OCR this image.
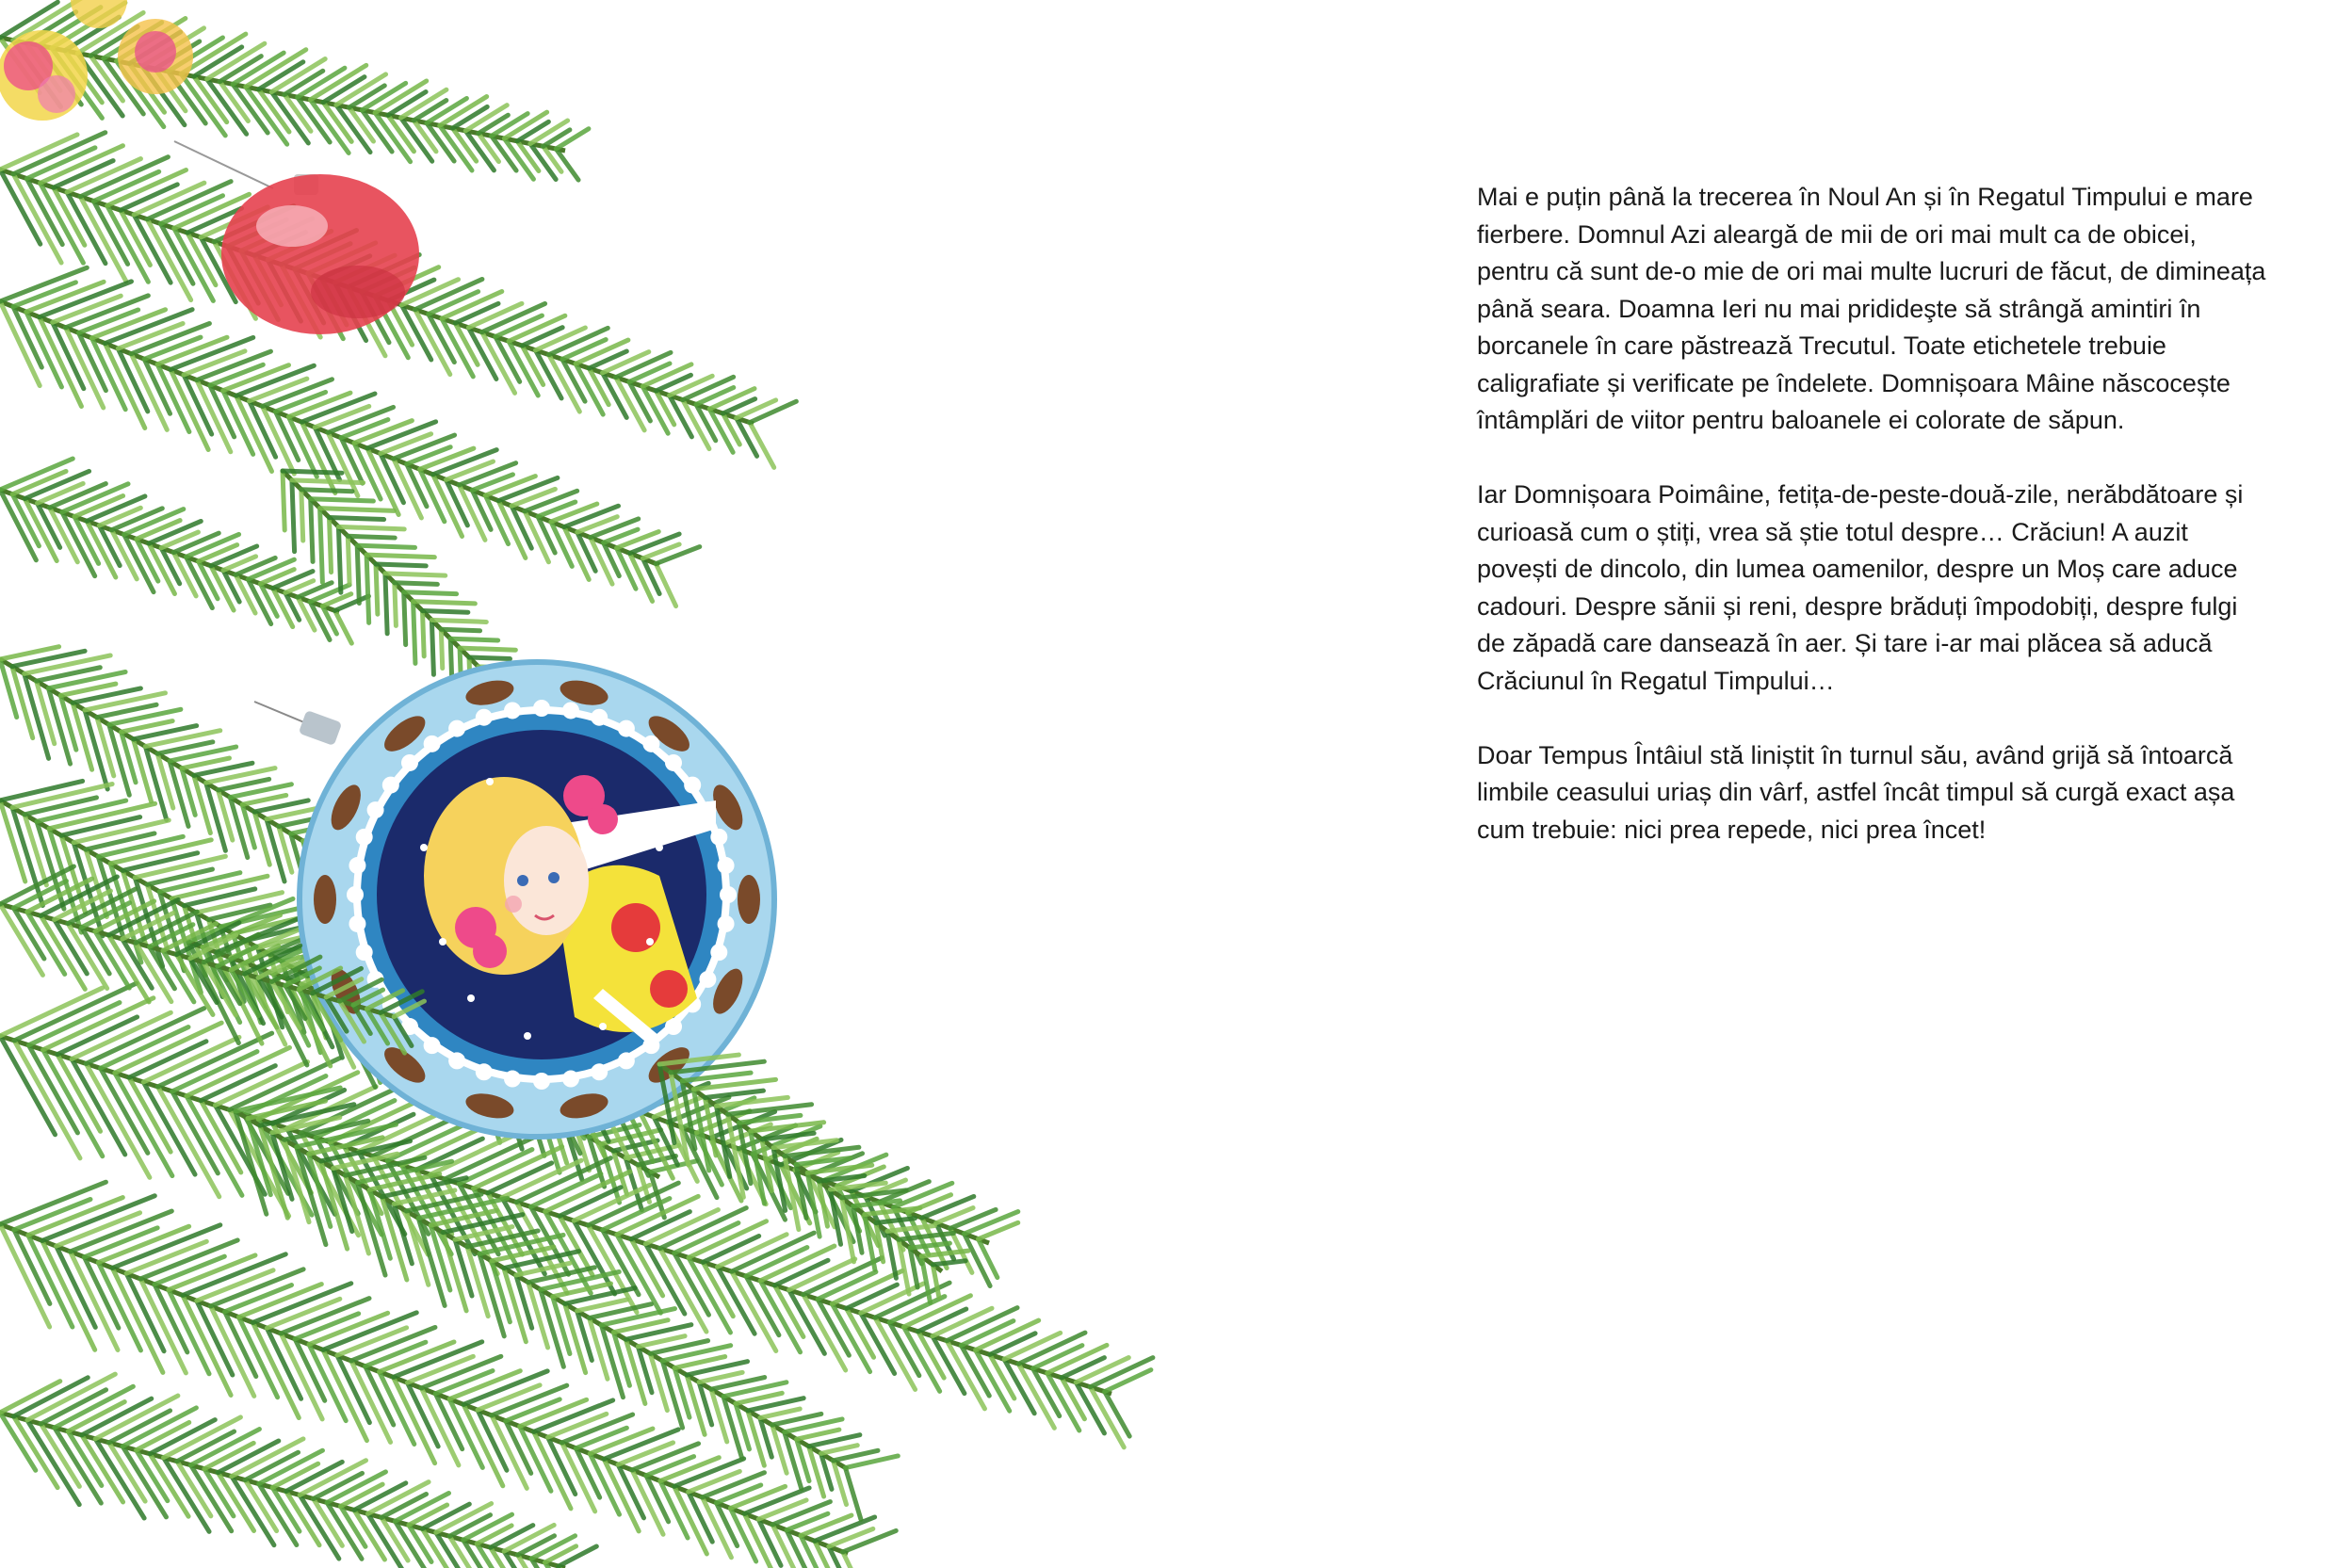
Mai e puțin până la trecerea în Noul An și în Regatul Timpului e mare fierbere. Domnul Azi aleargă de mii de ori mai mult ca de obicei, pentru că sunt de-o mie de ori mai multe lucruri de făcut, de dimineața până seara. Doamna Ieri nu mai pridideşte să strângă amintiri în borcanele în care păstrează Trecutul. Toate etichetele trebuie caligrafiate și verificate pe îndelete. Domnișoara Mâine născocește întâmplări de viitor pentru baloanele ei colorate de săpun.

Iar Domnișoara Poimâine, fetița-de-peste-două-zile, nerăbdătoare și curioasă cum o știți, vrea să știe totul despre… Crăciun! A auzit povești de dincolo, din lumea oamenilor, despre un Moș care aduce cadouri. Despre sănii și reni, despre brăduți împodobiți, despre fulgi de zăpadă care dansează în aer. Și tare i-ar mai plăcea să aducă Crăciunul în Regatul Timpului…

Doar Tempus Întâiul stă liniștit în turnul său, având grijă să întoarcă limbile ceasului uriaș din vârf, astfel încât timpul să curgă exact așa cum trebuie: nici prea repede, nici prea încet!
